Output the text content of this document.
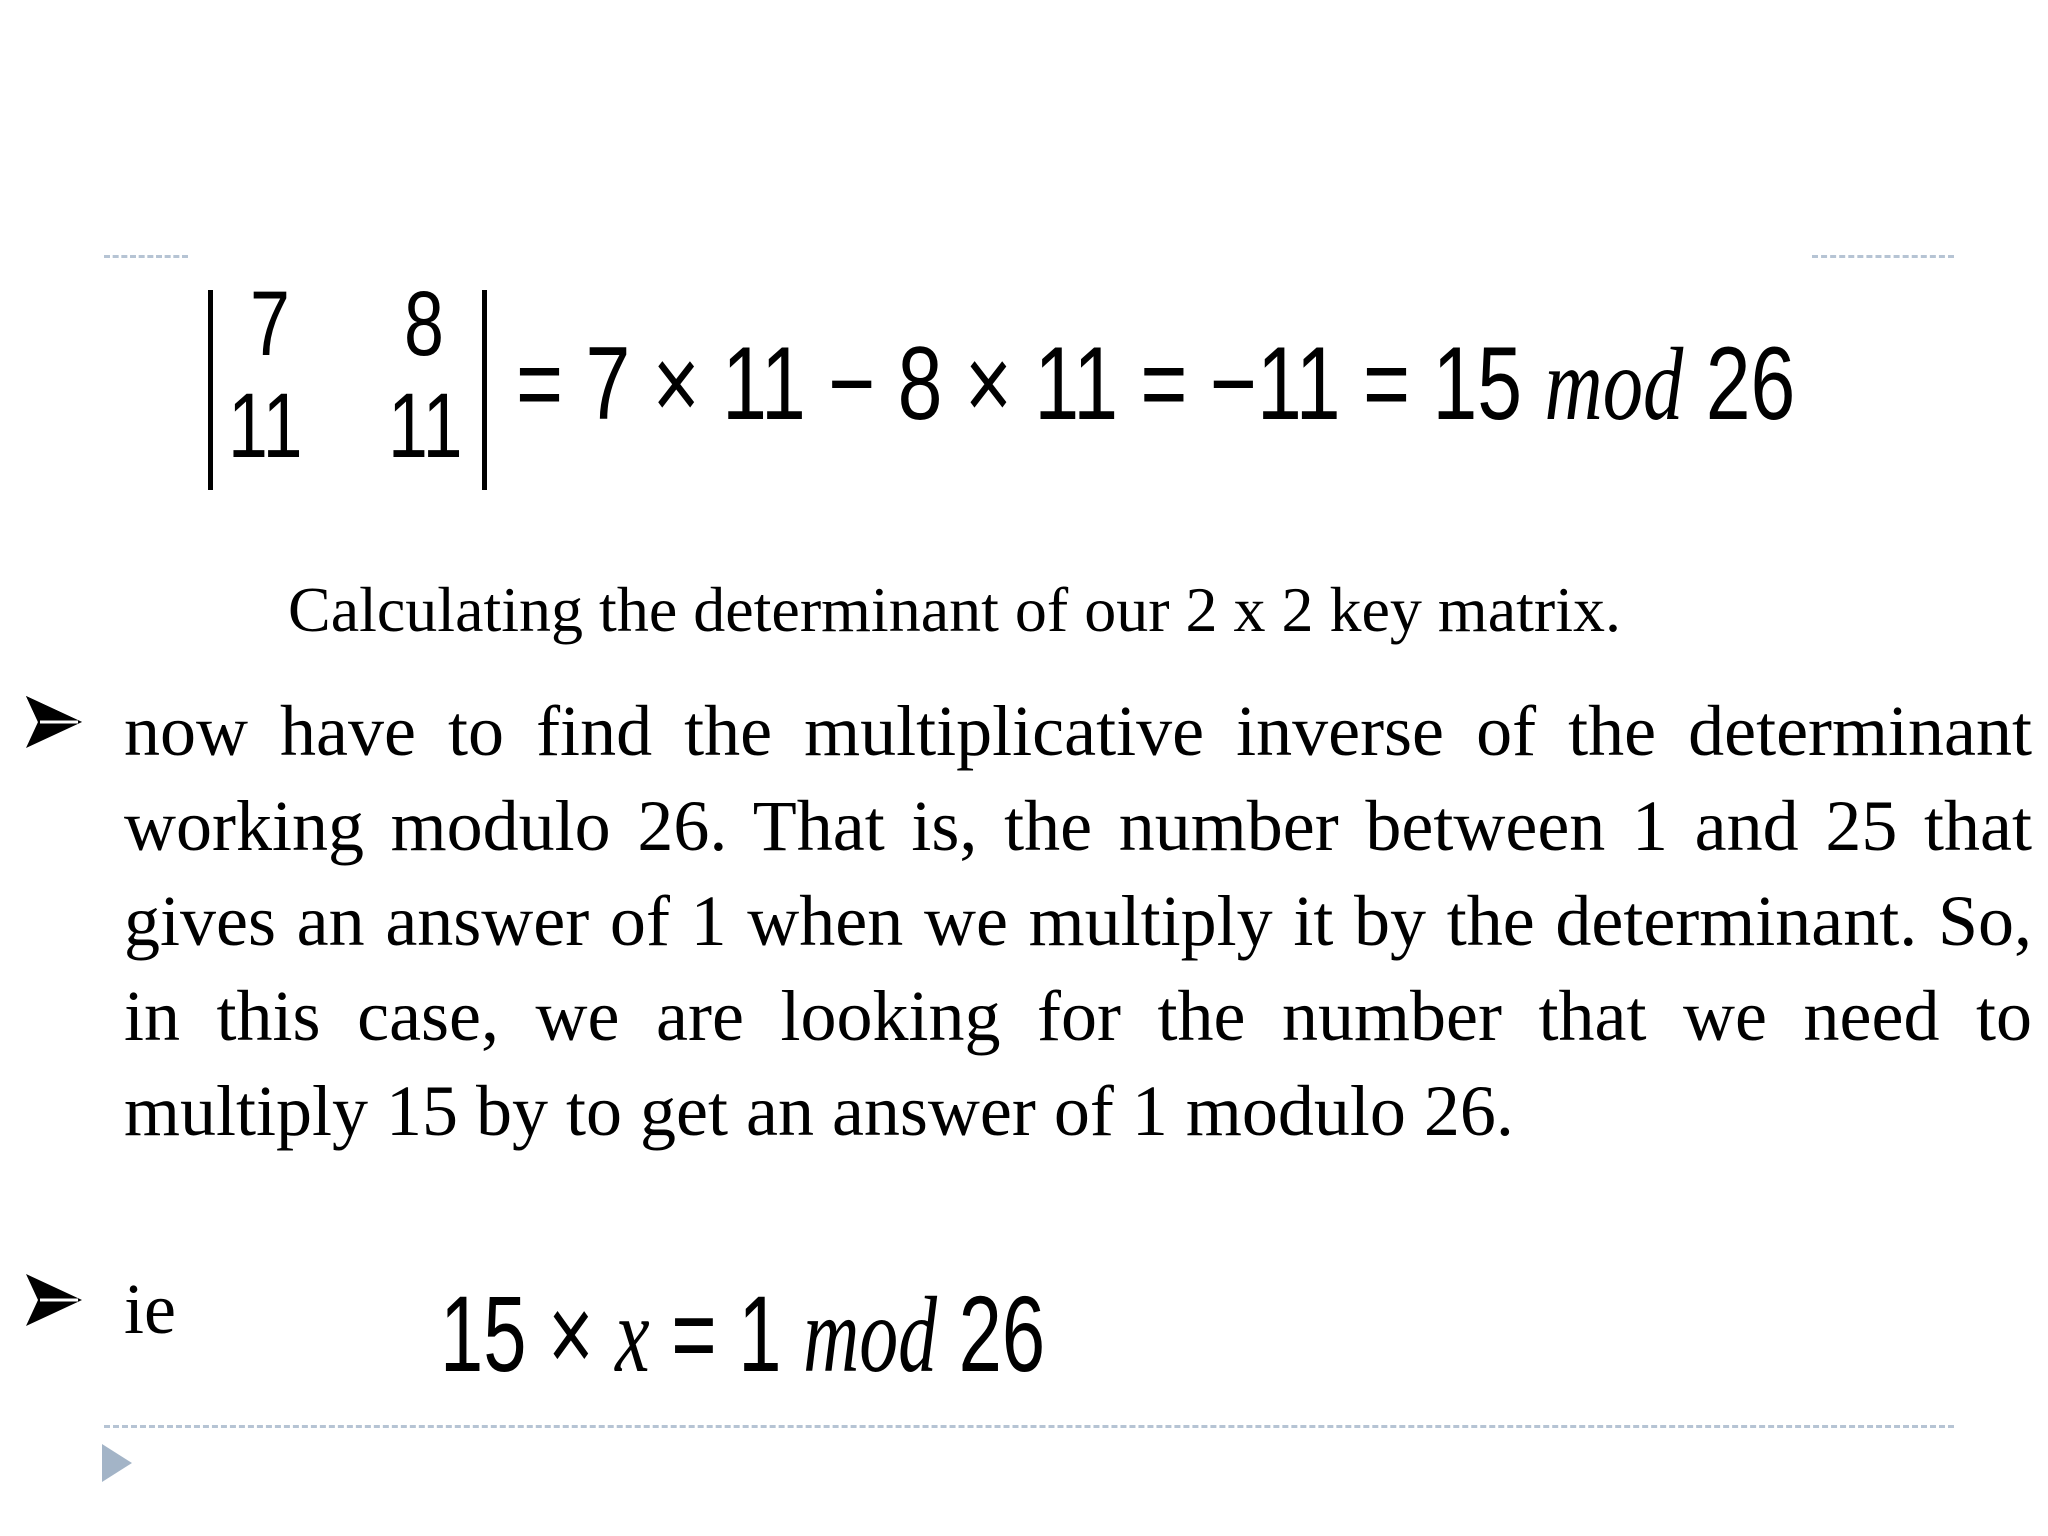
7 8
11 11 = 7 × 11 − 8 × 11 = −11 = 15 mod 26
Calculating the determinant of our 2 x 2 key matrix.

now have to find the multiplicative inverse of the determinant working modulo 26. That is, the number between 1 and 25 that gives an answer of 1 when we multiply it by the determinant. So, in this case, we are looking for the number that we need to multiply 15 by to get an answer of 1 modulo 26.

ie 15 × x = 1 mod 26
